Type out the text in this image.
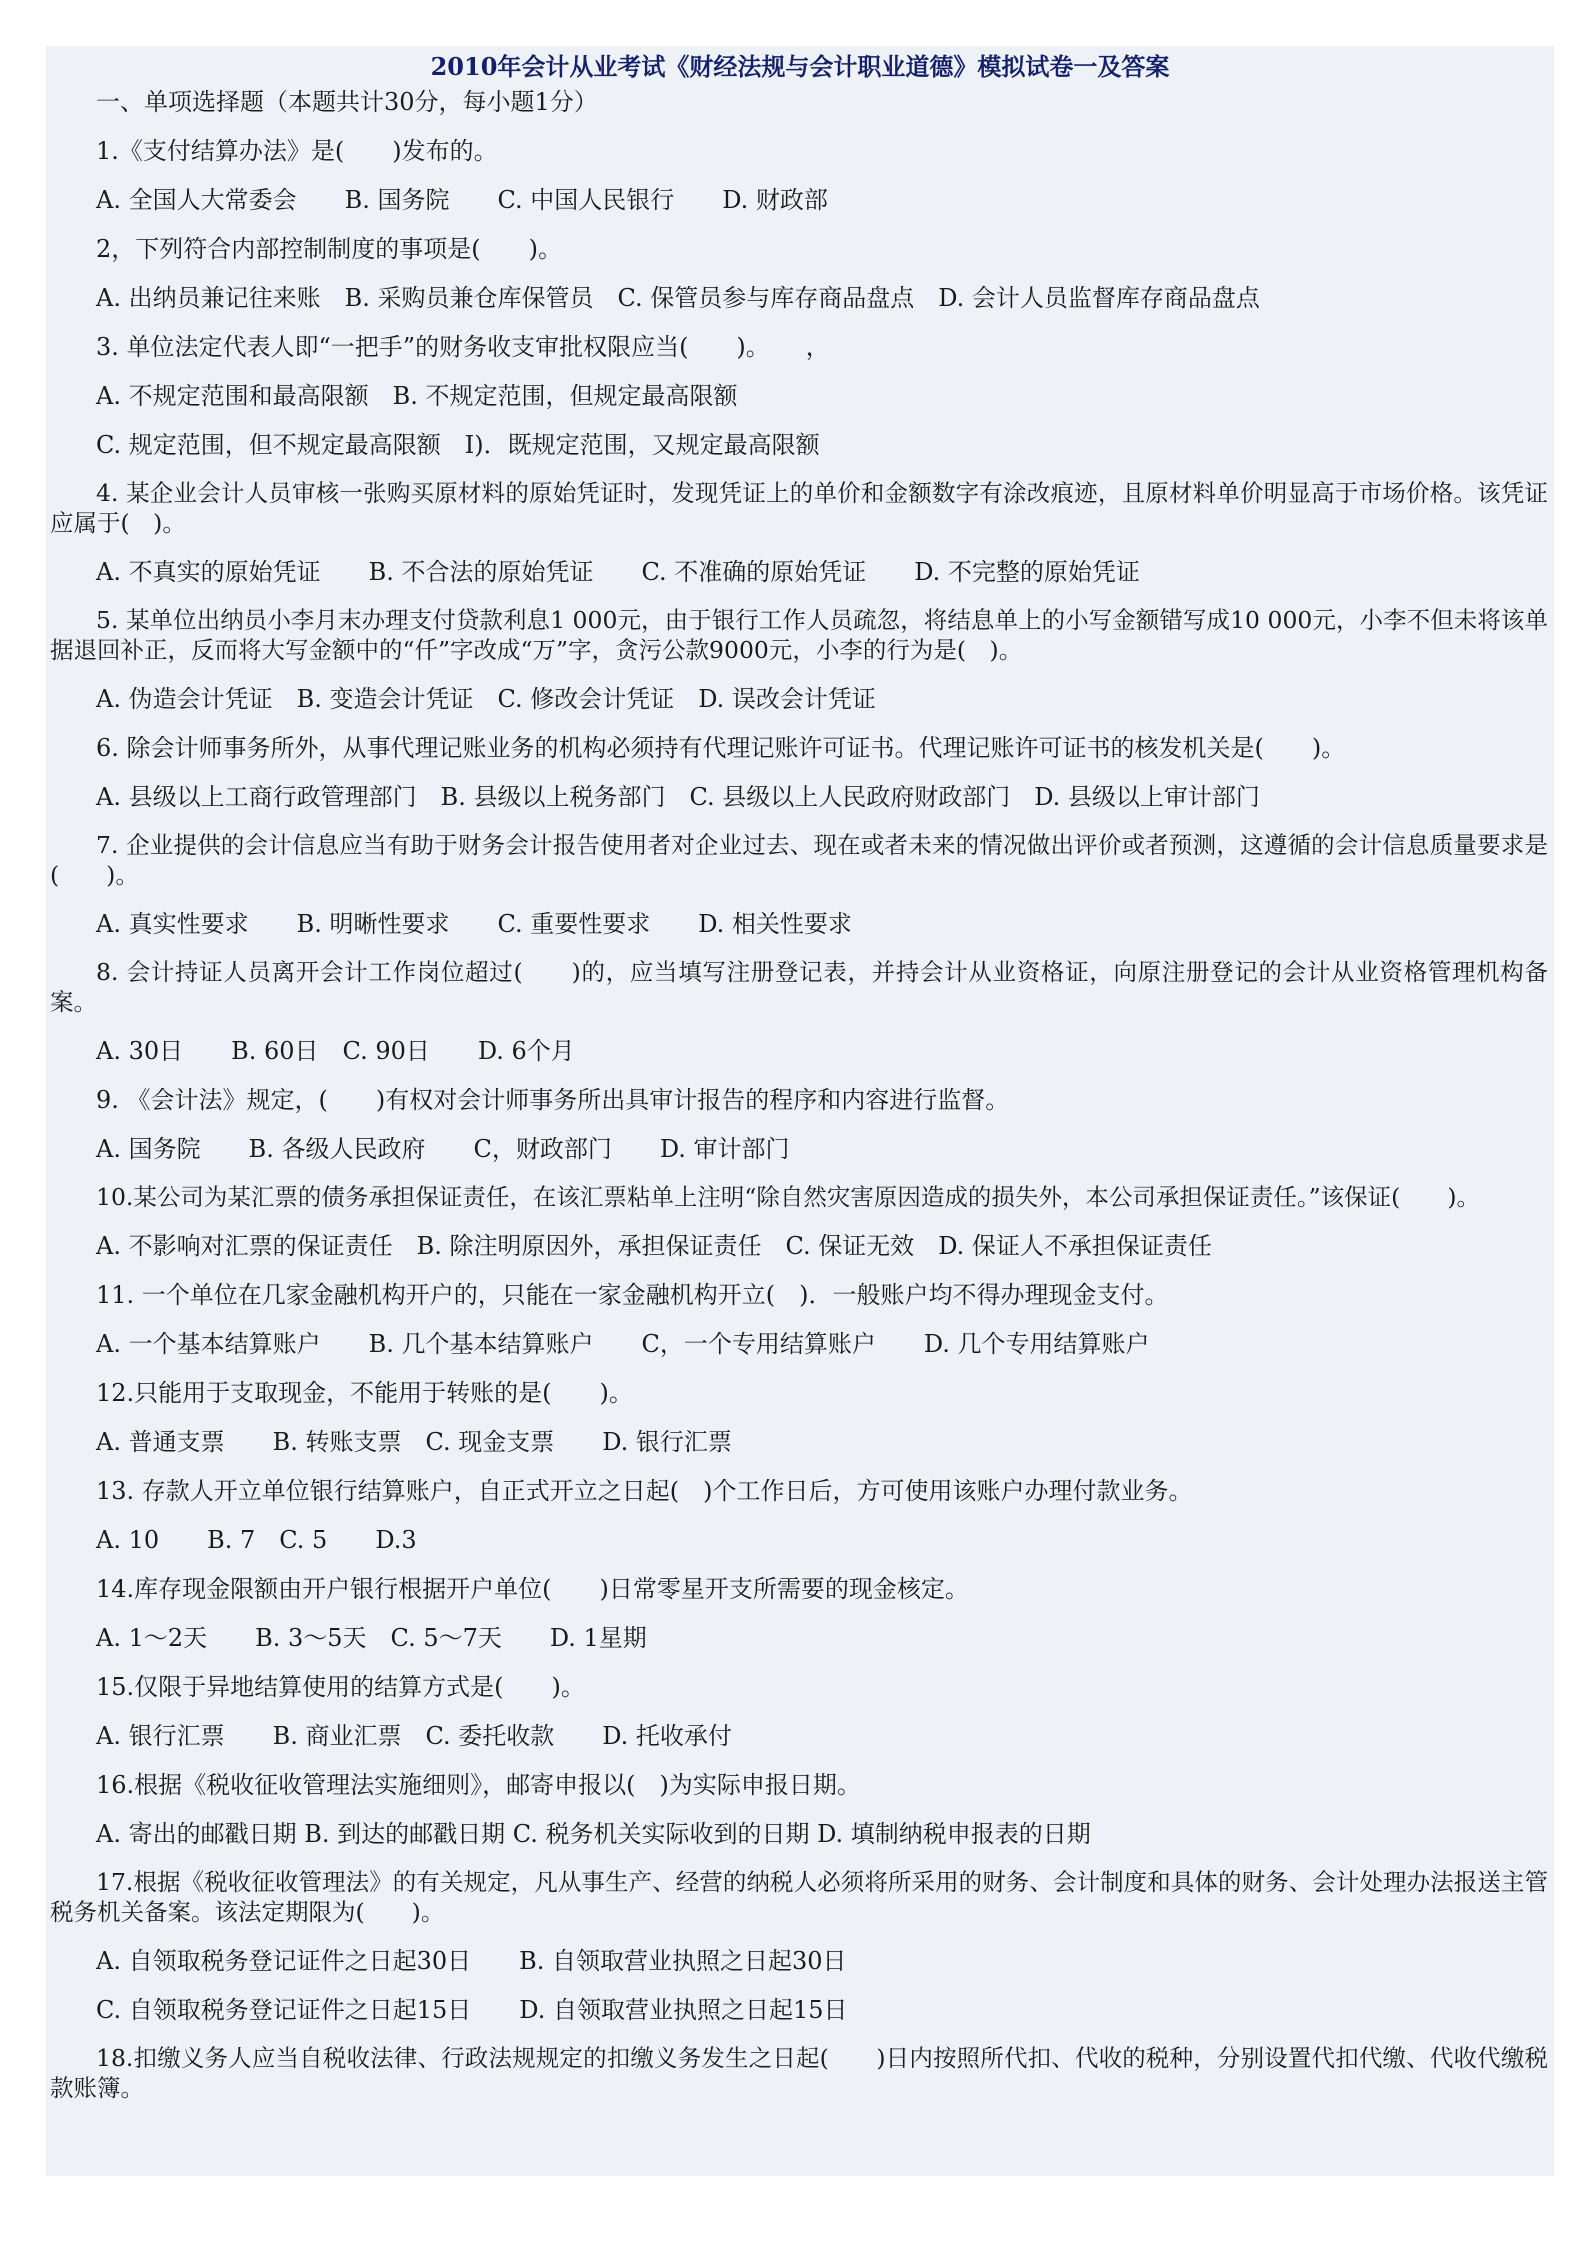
2010年会计从业考试《财经法规与会计职业道德》模拟试卷一及答案
一、单项选择题（本题共计30分，每小题1分）
1.《支付结算办法》是(　　)发布的。
A. 全国人大常委会　　B. 国务院　　C. 中国人民银行　　D. 财政部
2，下列符合内部控制制度的事项是(　　)。
A. 出纳员兼记往来账　B. 采购员兼仓库保管员　C. 保管员参与库存商品盘点　D. 会计人员监督库存商品盘点
3. 单位法定代表人即“一把手”的财务收支审批权限应当(　　)。　　，
A. 不规定范围和最高限额　B. 不规定范围，但规定最高限额
C. 规定范围，但不规定最高限额　I)．既规定范围，又规定最高限额
4. 某企业会计人员审核一张购买原材料的原始凭证时，发现凭证上的单价和金额数字有涂改痕迹，且原材料单价明显高于市场价格。该凭证应属于(　)。
A. 不真实的原始凭证　　B. 不合法的原始凭证　　C. 不准确的原始凭证　　D. 不完整的原始凭证
5. 某单位出纳员小李月末办理支付贷款利息1 000元，由于银行工作人员疏忽，将结息单上的小写金额错写成10 000元，小李不但未将该单据退回补正，反而将大写金额中的“仟”字改成“万”字，贪污公款9000元，小李的行为是(　)。
A. 伪造会计凭证　B. 变造会计凭证　C. 修改会计凭证　D. 误改会计凭证
6. 除会计师事务所外，从事代理记账业务的机构必须持有代理记账许可证书。代理记账许可证书的核发机关是(　　)。
A. 县级以上工商行政管理部门　B. 县级以上税务部门　C. 县级以上人民政府财政部门　D. 县级以上审计部门
7. 企业提供的会计信息应当有助于财务会计报告使用者对企业过去、现在或者未来的情况做出评价或者预测，这遵循的会计信息质量要求是(　　)。
A. 真实性要求　　B. 明晰性要求　　C. 重要性要求　　D. 相关性要求
8. 会计持证人员离开会计工作岗位超过(　　)的，应当填写注册登记表，并持会计从业资格证，向原注册登记的会计从业资格管理机构备案。
A. 30日　　B. 60日　C. 90日　　D. 6个月
9. 《会计法》规定，(　　)有权对会计师事务所出具审计报告的程序和内容进行监督。
A. 国务院　　B. 各级人民政府　　C，财政部门　　D. 审计部门
10.某公司为某汇票的债务承担保证责任，在该汇票粘单上注明“除自然灾害原因造成的损失外，本公司承担保证责任。”该保证(　　)。
A. 不影响对汇票的保证责任　B. 除注明原因外，承担保证责任　C. 保证无效　D. 保证人不承担保证责任
11. 一个单位在几家金融机构开户的，只能在一家金融机构开立(　)．一般账户均不得办理现金支付。
A. 一个基本结算账户　　B. 几个基本结算账户　　C，一个专用结算账户　　D. 几个专用结算账户
12.只能用于支取现金，不能用于转账的是(　　)。
A. 普通支票　　B. 转账支票　C. 现金支票　　D. 银行汇票
13. 存款人开立单位银行结算账户，自正式开立之日起(　)个工作日后，方可使用该账户办理付款业务。
A. 10　　B. 7　C. 5　　D.3
14.库存现金限额由开户银行根据开户单位(　　)日常零星开支所需要的现金核定。
A. 1～2天　　B. 3～5天　C. 5～7天　　D. 1星期
15.仅限于异地结算使用的结算方式是(　　)。
A. 银行汇票　　B. 商业汇票　C. 委托收款　　D. 托收承付
16.根据《税收征收管理法实施细则》，邮寄申报以(　)为实际申报日期。
A. 寄出的邮戳日期 B. 到达的邮戳日期 C. 税务机关实际收到的日期 D. 填制纳税申报表的日期
17.根据《税收征收管理法》的有关规定，凡从事生产、经营的纳税人必须将所采用的财务、会计制度和具体的财务、会计处理办法报送主管税务机关备案。该法定期限为(　　)。
A. 自领取税务登记证件之日起30日　　B. 自领取营业执照之日起30日
C. 自领取税务登记证件之日起15日　　D. 自领取营业执照之日起15日
18.扣缴义务人应当自税收法律、行政法规规定的扣缴义务发生之日起(　　)日内按照所代扣、代收的税种，分别设置代扣代缴、代收代缴税款账簿。
